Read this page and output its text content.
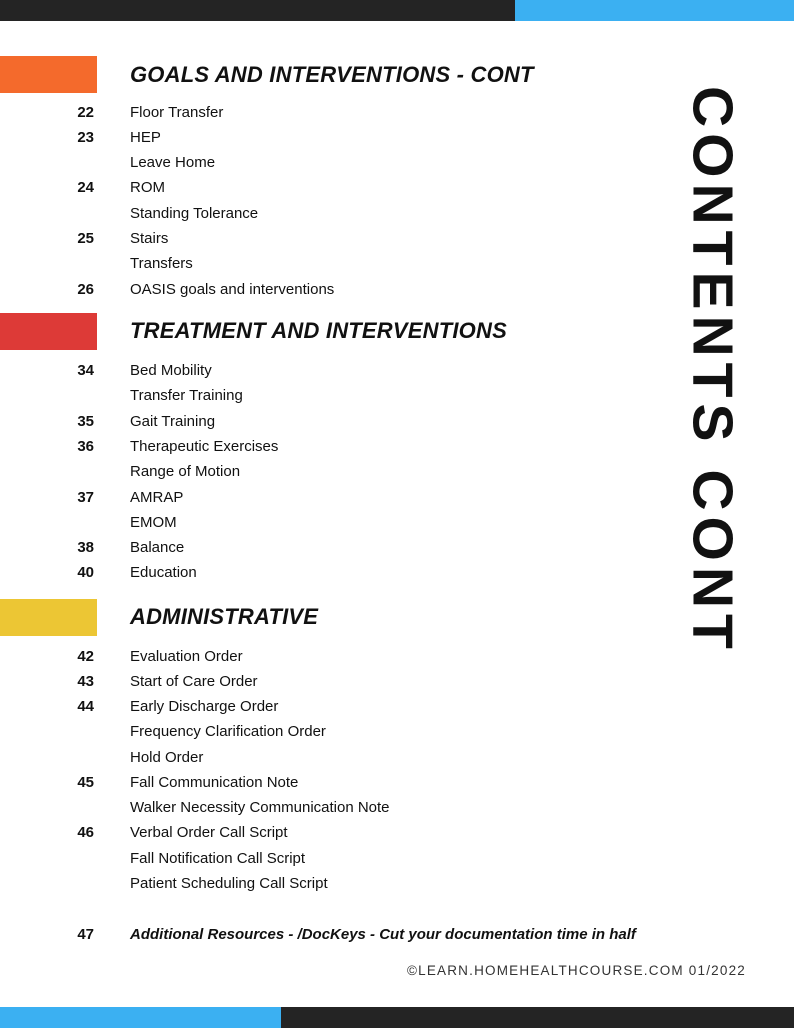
GOALS AND INTERVENTIONS - CONT
22 Floor Transfer
23 HEP
Leave Home
24 ROM
Standing Tolerance
25 Stairs
Transfers
26 OASIS goals and interventions
TREATMENT AND INTERVENTIONS
34 Bed Mobility
Transfer Training
35 Gait Training
36 Therapeutic Exercises
Range of Motion
37 AMRAP
EMOM
38 Balance
40 Education
ADMINISTRATIVE
42 Evaluation Order
43 Start of Care Order
44 Early Discharge Order
Frequency Clarification Order
Hold Order
45 Fall Communication Note
Walker Necessity Communication Note
46 Verbal Order Call Script
Fall Notification Call Script
Patient Scheduling Call Script
47 Additional Resources - /DocKeys - Cut your documentation time in half
CONTENTS CONT
©LEARN.HOMEHEALTHCOURSE.COM 01/2022
